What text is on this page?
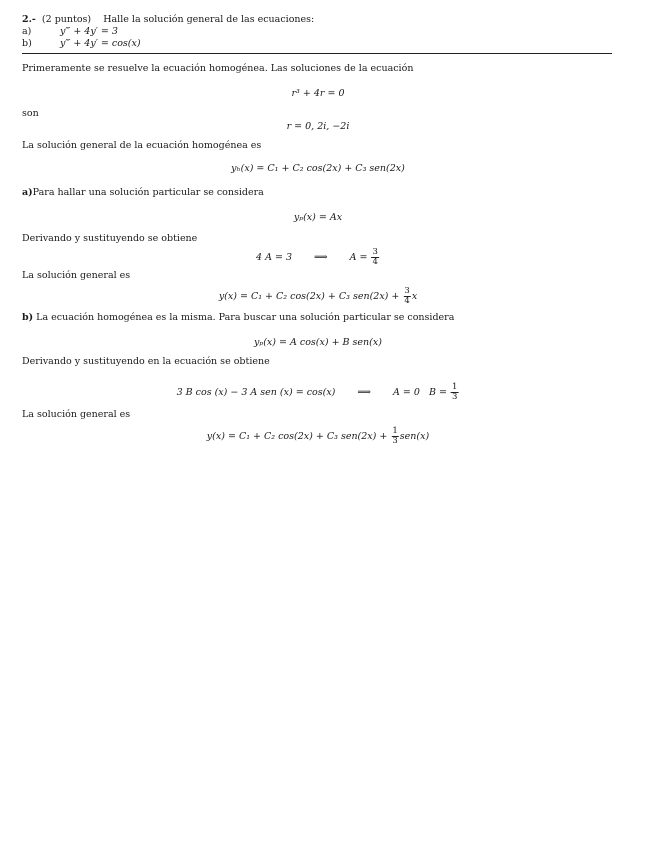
2.- (2 puntos) Halle la solución general de las ecuaciones:
a)	y‴ + 4y′ = 3
b)	y‴ + 4y′ = cos(x)
Primeramente se resuelve la ecuación homogénea. Las soluciones de la ecuación
r³ + 4r = 0
son
r = 0, 2i, −2i
La solución general de la ecuación homogénea es
yₕ(x) = C₁ + C₂ cos(2x) + C₃ sen(2x)
a)Para hallar una solución particular se considera
yₚ(x) = Ax
Derivando y sustituyendo se obtiene
4 A = 3 ⟹ $A = \frac{3}{4}$
La solución general es
y(x) = C₁ + C₂ cos(2x) + C₃ $sen(2x) + \frac{3}{4}$ x
b) La ecuación homogénea es la misma. Para buscar una solución particular se considera
yₚ(x) = A cos(x) + B sen(x)
Derivando y sustituyendo en la ecuación se obtiene
3 B cos (x) − 3 A sen (x) = cos(x) ⟹ A = 0 $B = \frac{1}{3}$
La solución general es
y(x) = C₁ + C₂ cos(2x) + C₃ $sen(2x) + \frac{1}{3} sen(x)$
